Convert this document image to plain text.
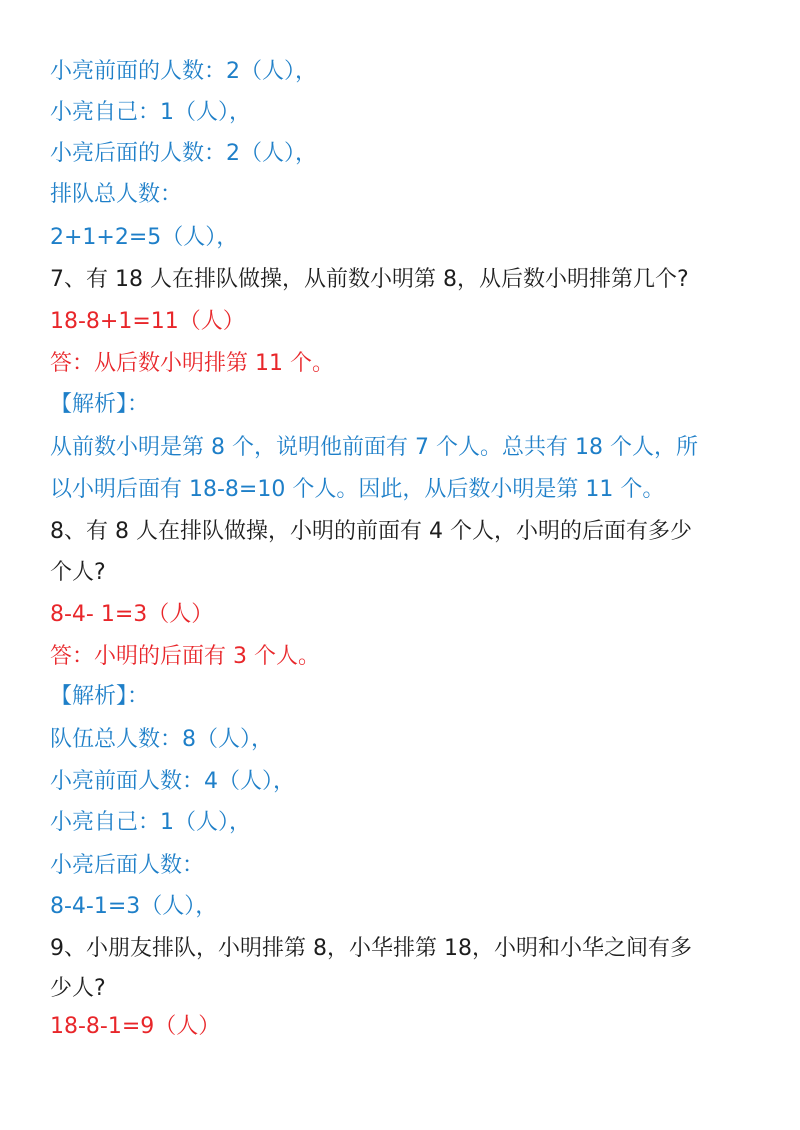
小亮前面的人数：2（人），
小亮自己：1（人），
小亮后面的人数：2（人），
排队总人数：
2+1+2=5（人），
7、有 18 人在排队做操，从前数小明第 8，从后数小明排第几个?
18-8+1=11（人）
答：从后数小明排第 11 个。
【解析】：
从前数小明是第 8 个，说明他前面有 7 个人。总共有 18 个人，所
以小明后面有 18-8=10 个人。因此，从后数小明是第 11 个。
8、有 8 人在排队做操，小明的前面有 4 个人，小明的后面有多少
个人?
8-4- 1=3（人）
答：小明的后面有 3 个人。
【解析】：
队伍总人数：8（人），
小亮前面人数：4（人），
小亮自己：1（人），
小亮后面人数：
8-4-1=3（人），
9、小朋友排队，小明排第 8，小华排第 18，小明和小华之间有多
少人?
18-8-1=9（人）
